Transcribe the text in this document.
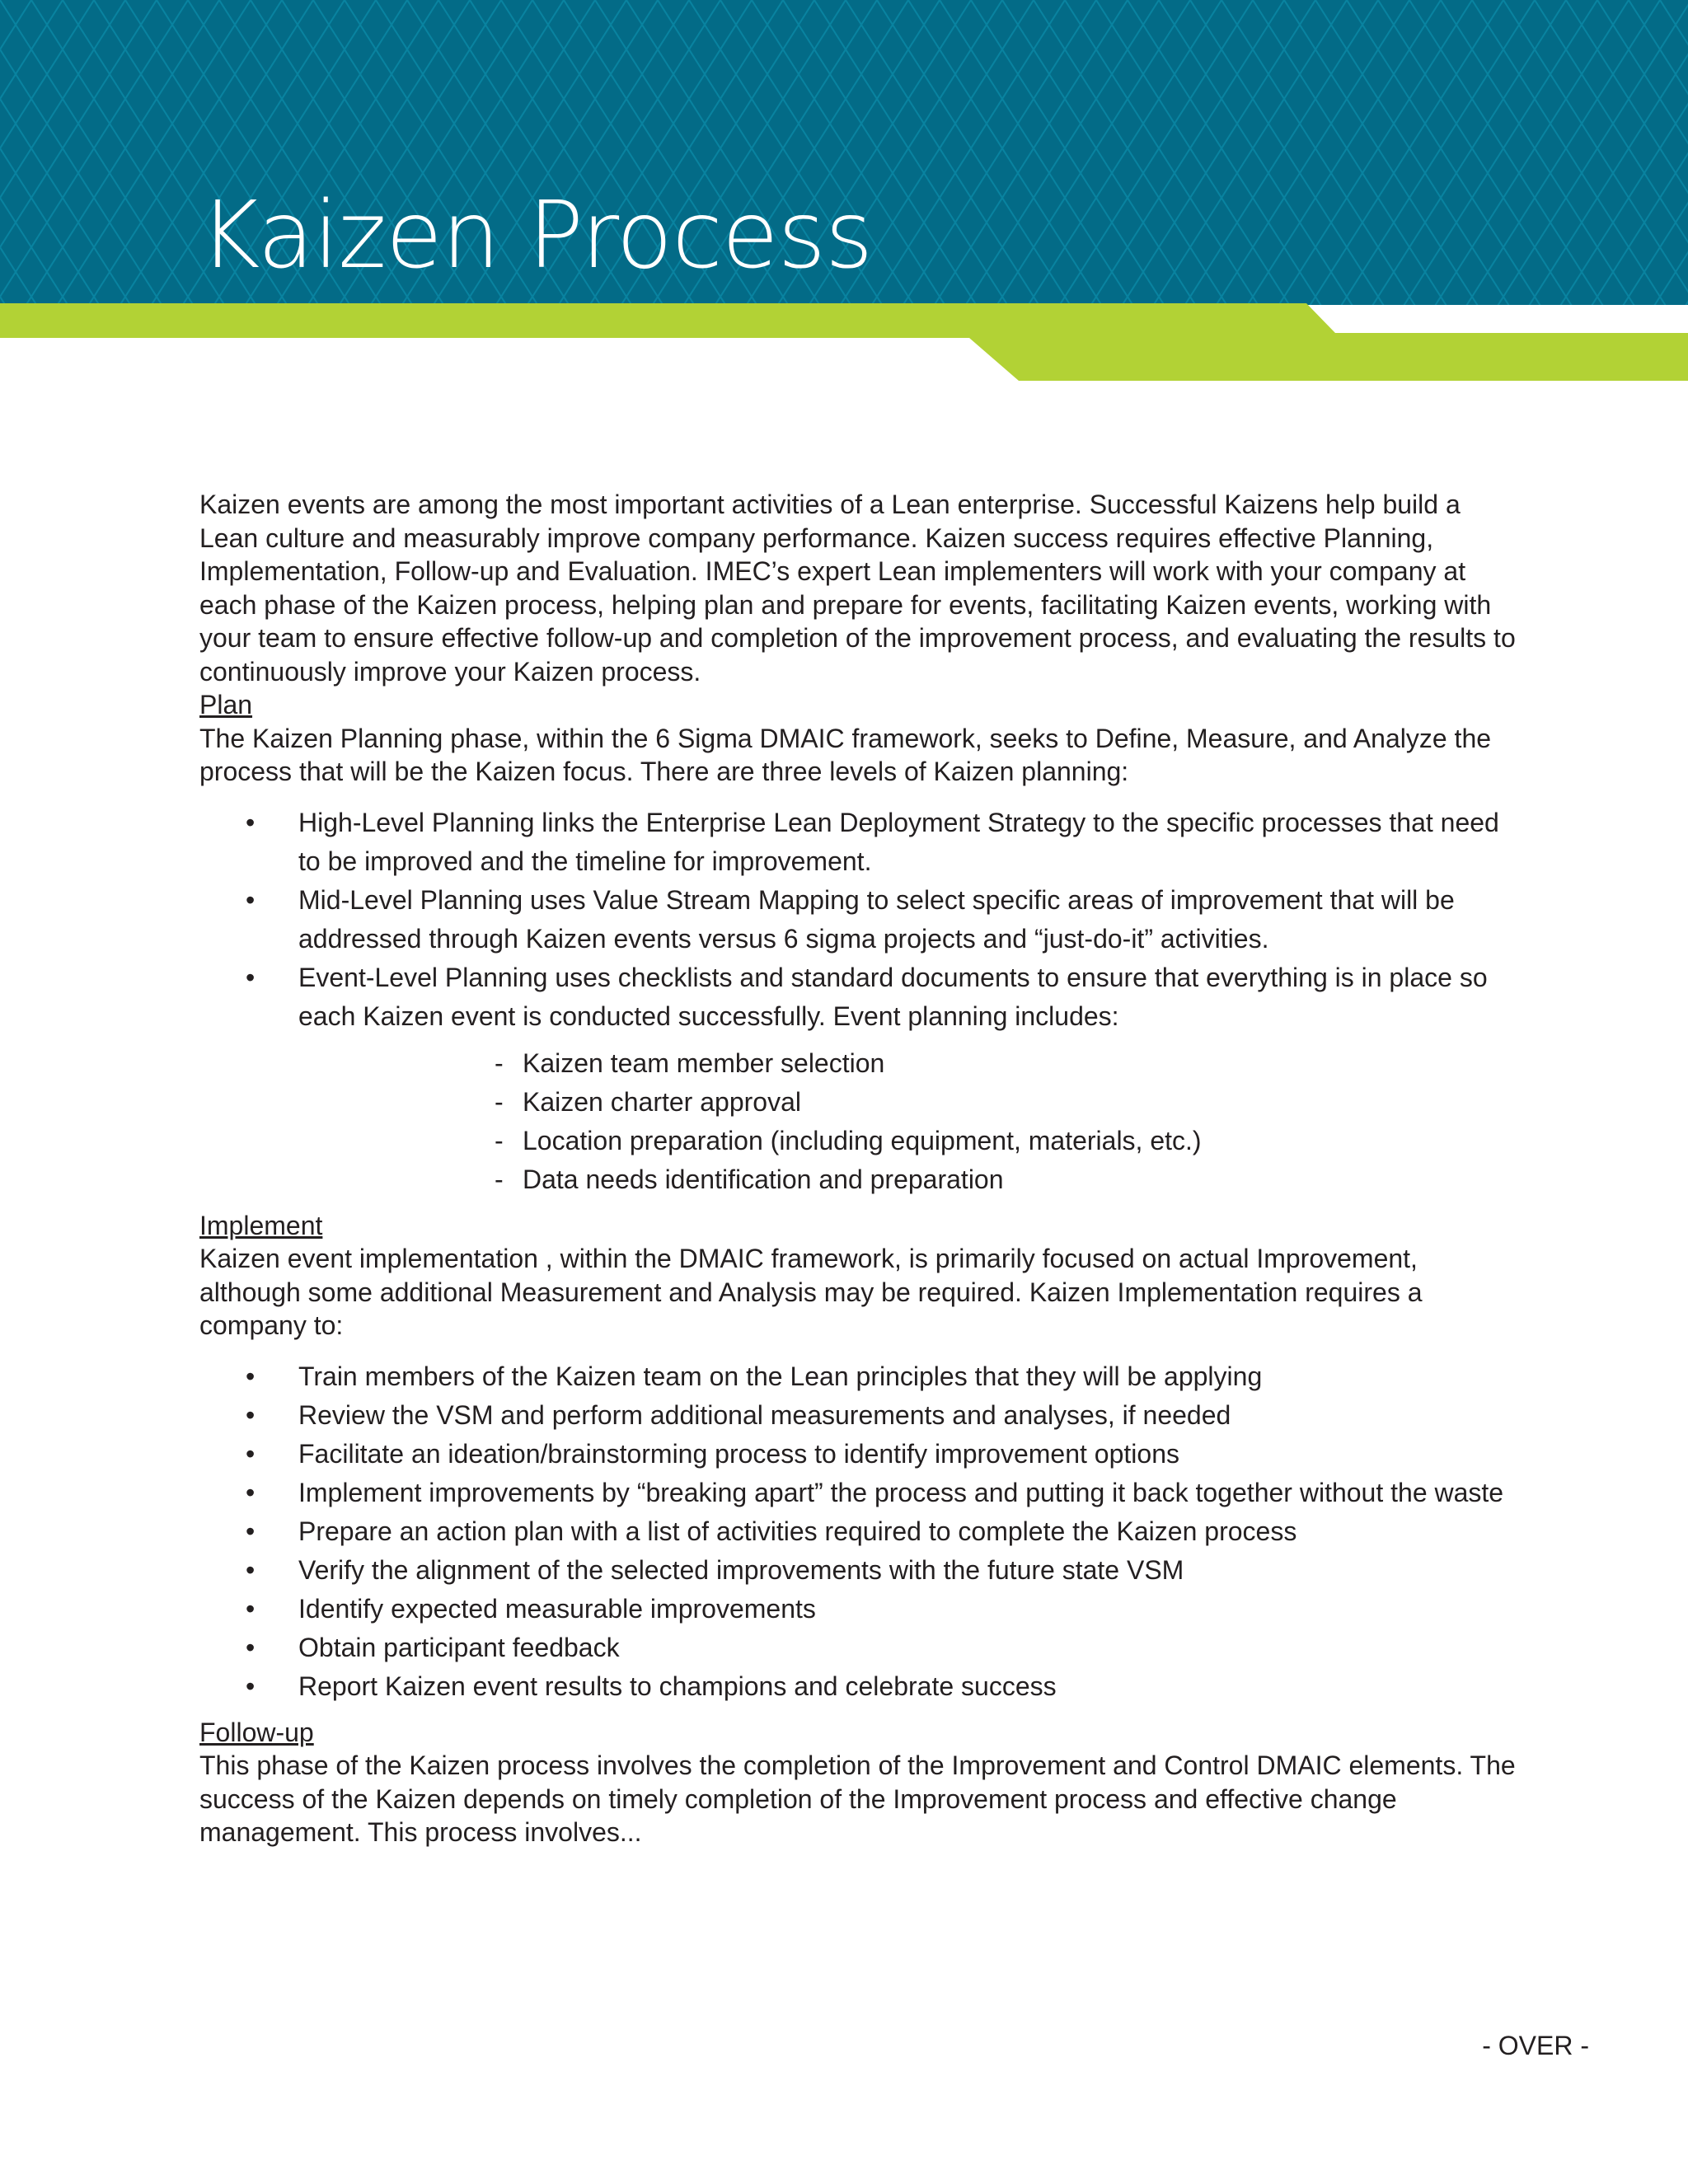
Kaizen Process

Kaizen events are among the most important activities of a Lean enterprise. Successful Kaizens help build a Lean culture and measurably improve company performance. Kaizen success requires effective Planning, Implementation, Follow-up and Evaluation. IMEC’s expert Lean implementers will work with your company at each phase of the Kaizen process, helping plan and prepare for events, facilitating Kaizen events, working with your team to ensure effective follow-up and completion of the improvement process, and evaluating the results to continuously improve your Kaizen process.

Plan

The Kaizen Planning phase, within the 6 Sigma DMAIC framework, seeks to Define, Measure, and Analyze the process that will be the Kaizen focus. There are three levels of Kaizen planning:

• High-Level Planning links the Enterprise Lean Deployment Strategy to the specific processes that need to be improved and the timeline for improvement.
• Mid-Level Planning uses Value Stream Mapping to select specific areas of improvement that will be addressed through Kaizen events versus 6 sigma projects and “just-do-it” activities.
• Event-Level Planning uses checklists and standard documents to ensure that everything is in place so each Kaizen event is conducted successfully. Event planning includes:
- Kaizen team member selection
- Kaizen charter approval
- Location preparation (including equipment, materials, etc.)
- Data needs identification and preparation

Implement

Kaizen event implementation , within the DMAIC framework, is primarily focused on actual Improvement, although some additional Measurement and Analysis may be required. Kaizen Implementation requires a company to:

• Train members of the Kaizen team on the Lean principles that they will be applying
• Review the VSM and perform additional measurements and analyses, if needed
• Facilitate an ideation/brainstorming process to identify improvement options
• Implement improvements by “breaking apart” the process and putting it back together without the waste
• Prepare an action plan with a list of activities required to complete the Kaizen process
• Verify the alignment of the selected improvements with the future state VSM
• Identify expected measurable improvements
• Obtain participant feedback
• Report Kaizen event results to champions and celebrate success

Follow-up

This phase of the Kaizen process involves the completion of the Improvement and Control DMAIC elements. The success of the Kaizen depends on timely completion of the Improvement process and effective change management. This process involves...

- OVER -
